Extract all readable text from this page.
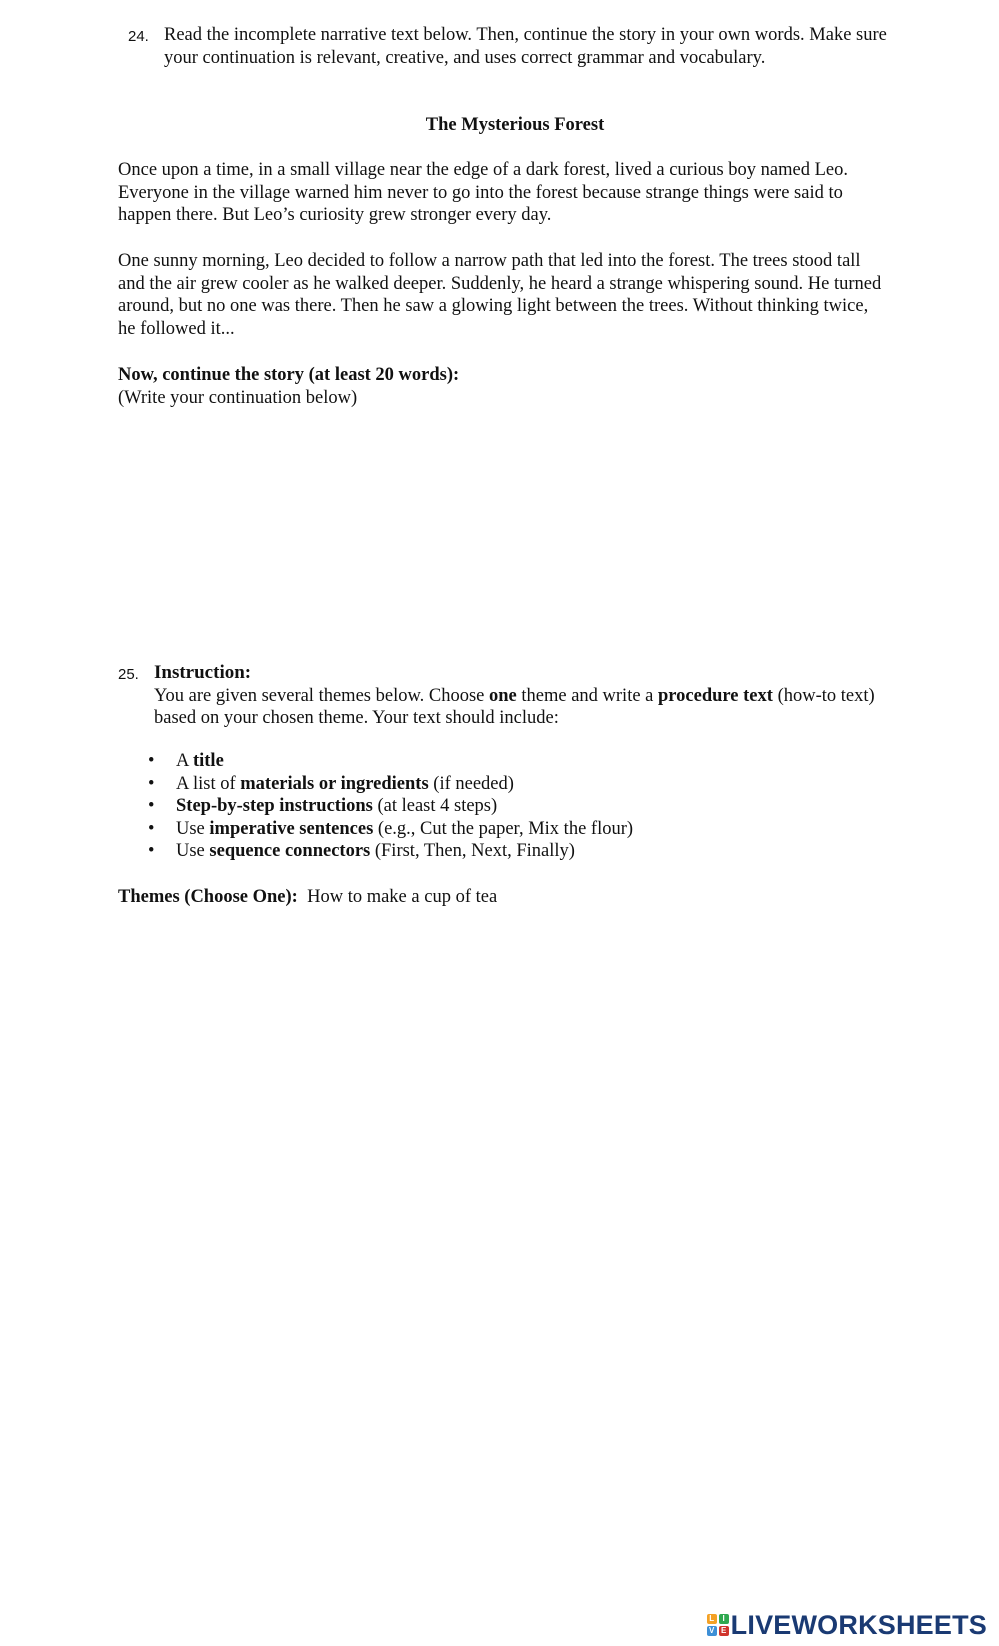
24. Read the incomplete narrative text below. Then, continue the story in your own words. Make sure your continuation is relevant, creative, and uses correct grammar and vocabulary.
The Mysterious Forest
Once upon a time, in a small village near the edge of a dark forest, lived a curious boy named Leo. Everyone in the village warned him never to go into the forest because strange things were said to happen there. But Leo’s curiosity grew stronger every day.
One sunny morning, Leo decided to follow a narrow path that led into the forest. The trees stood tall and the air grew cooler as he walked deeper. Suddenly, he heard a strange whispering sound. He turned around, but no one was there. Then he saw a glowing light between the trees. Without thinking twice, he followed it...
Now, continue the story (at least 20 words):
(Write your continuation below)
25. Instruction:
You are given several themes below. Choose one theme and write a procedure text (how-to text) based on your chosen theme. Your text should include:
• A title
• A list of materials or ingredients (if needed)
• Step-by-step instructions (at least 4 steps)
• Use imperative sentences (e.g., Cut the paper, Mix the flour)
• Use sequence connectors (First, Then, Next, Finally)
Themes (Choose One): How to make a cup of tea
L	I
V E LIVEWORKSHEETS
